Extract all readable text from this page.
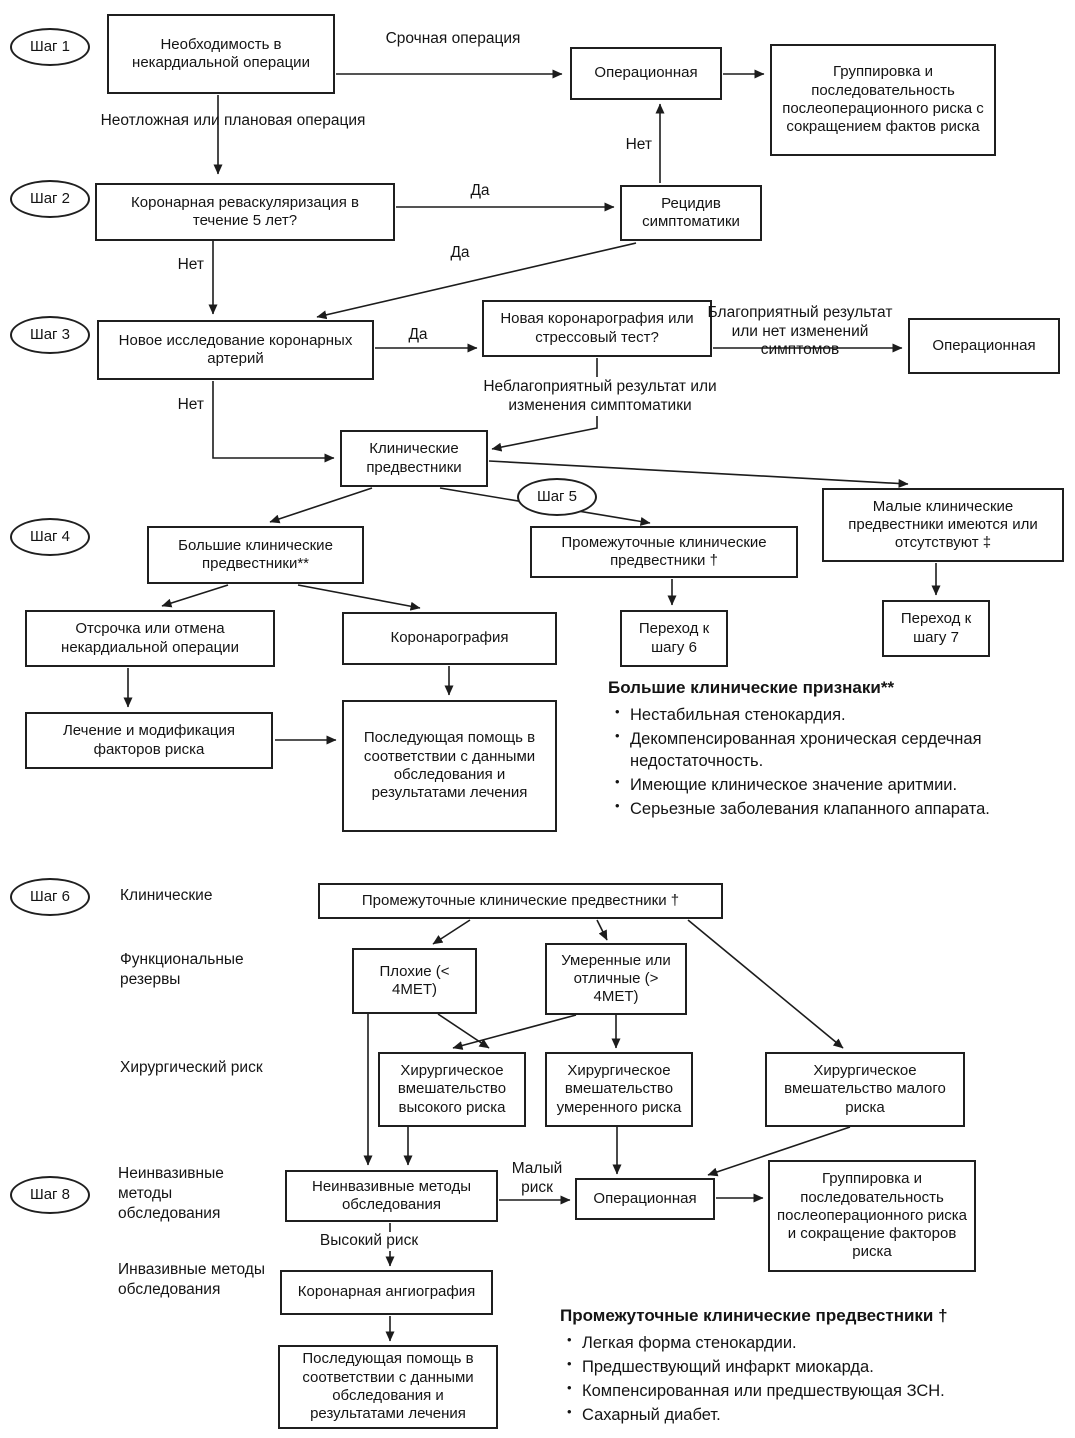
Шаг 1
Шаг 2
Шаг 3
Шаг 4
Шаг 5
Шаг 6
Шаг 8
Необходимость в некардиальной операции
Операционная	Группировка и последовательность послеоперационного риска с сокращением фактов риска
Срочная операция
Неотложная или плановая операция
Нет
Коронарная реваскуляризация в течение 5 лет?
Рецидив симптоматики
Да
Да
Нет
Новое исследование коронарных артерий
Новая коронарография или стрессовый тест?	Операционная
Да
Благоприятный результат или нет изменений симптомов
Неблагоприятный результат или изменения симптоматики
Нет
Клинические предвестники
Большие клинические предвестники**
Промежуточные клинические предвестники †
Малые клинические предвестники имеются или отсутствуют ‡
Отсрочка или отмена некардиальной операции
Коронарография
Лечение и модификация факторов риска
Последующая помощь в соответствии с данными обследования и результатами лечения
Переход к шагу 6
Переход к шагу 7
Большие клинические признаки**
• Нестабильная стенокардия.
• Декомпенсированная хроническая сердечная недостаточность.
• Имеющие клиническое значение аритмии.
• Серьезные заболевания клапанного аппарата.
Клинические	Промежуточные клинические предвестники †
Функциональные резервы	Плохие (< 4MET)
Умеренные или отличные (> 4MET)
Хирургический риск	Хирургическое вмешательство высокого риска
Хирургическое вмешательство умеренного риска
Хирургическое вмешательство малого риска
Неинвазивные методы обследования
Неинвазивные методы обследования
Малый риск
Операционная
Группировка и последовательность послеоперационного риска и сокращение факторов риска
Высокий риск
Инвазивные методы обследования	Коронарная ангиография
Последующая помощь в соответствии с данными обследования и результатами лечения
Промежуточные клинические предвестники †
• Легкая форма стенокардии.
• Предшествующий инфаркт миокарда.
• Компенсированная или предшествующая ЗСН.
• Сахарный диабет.
